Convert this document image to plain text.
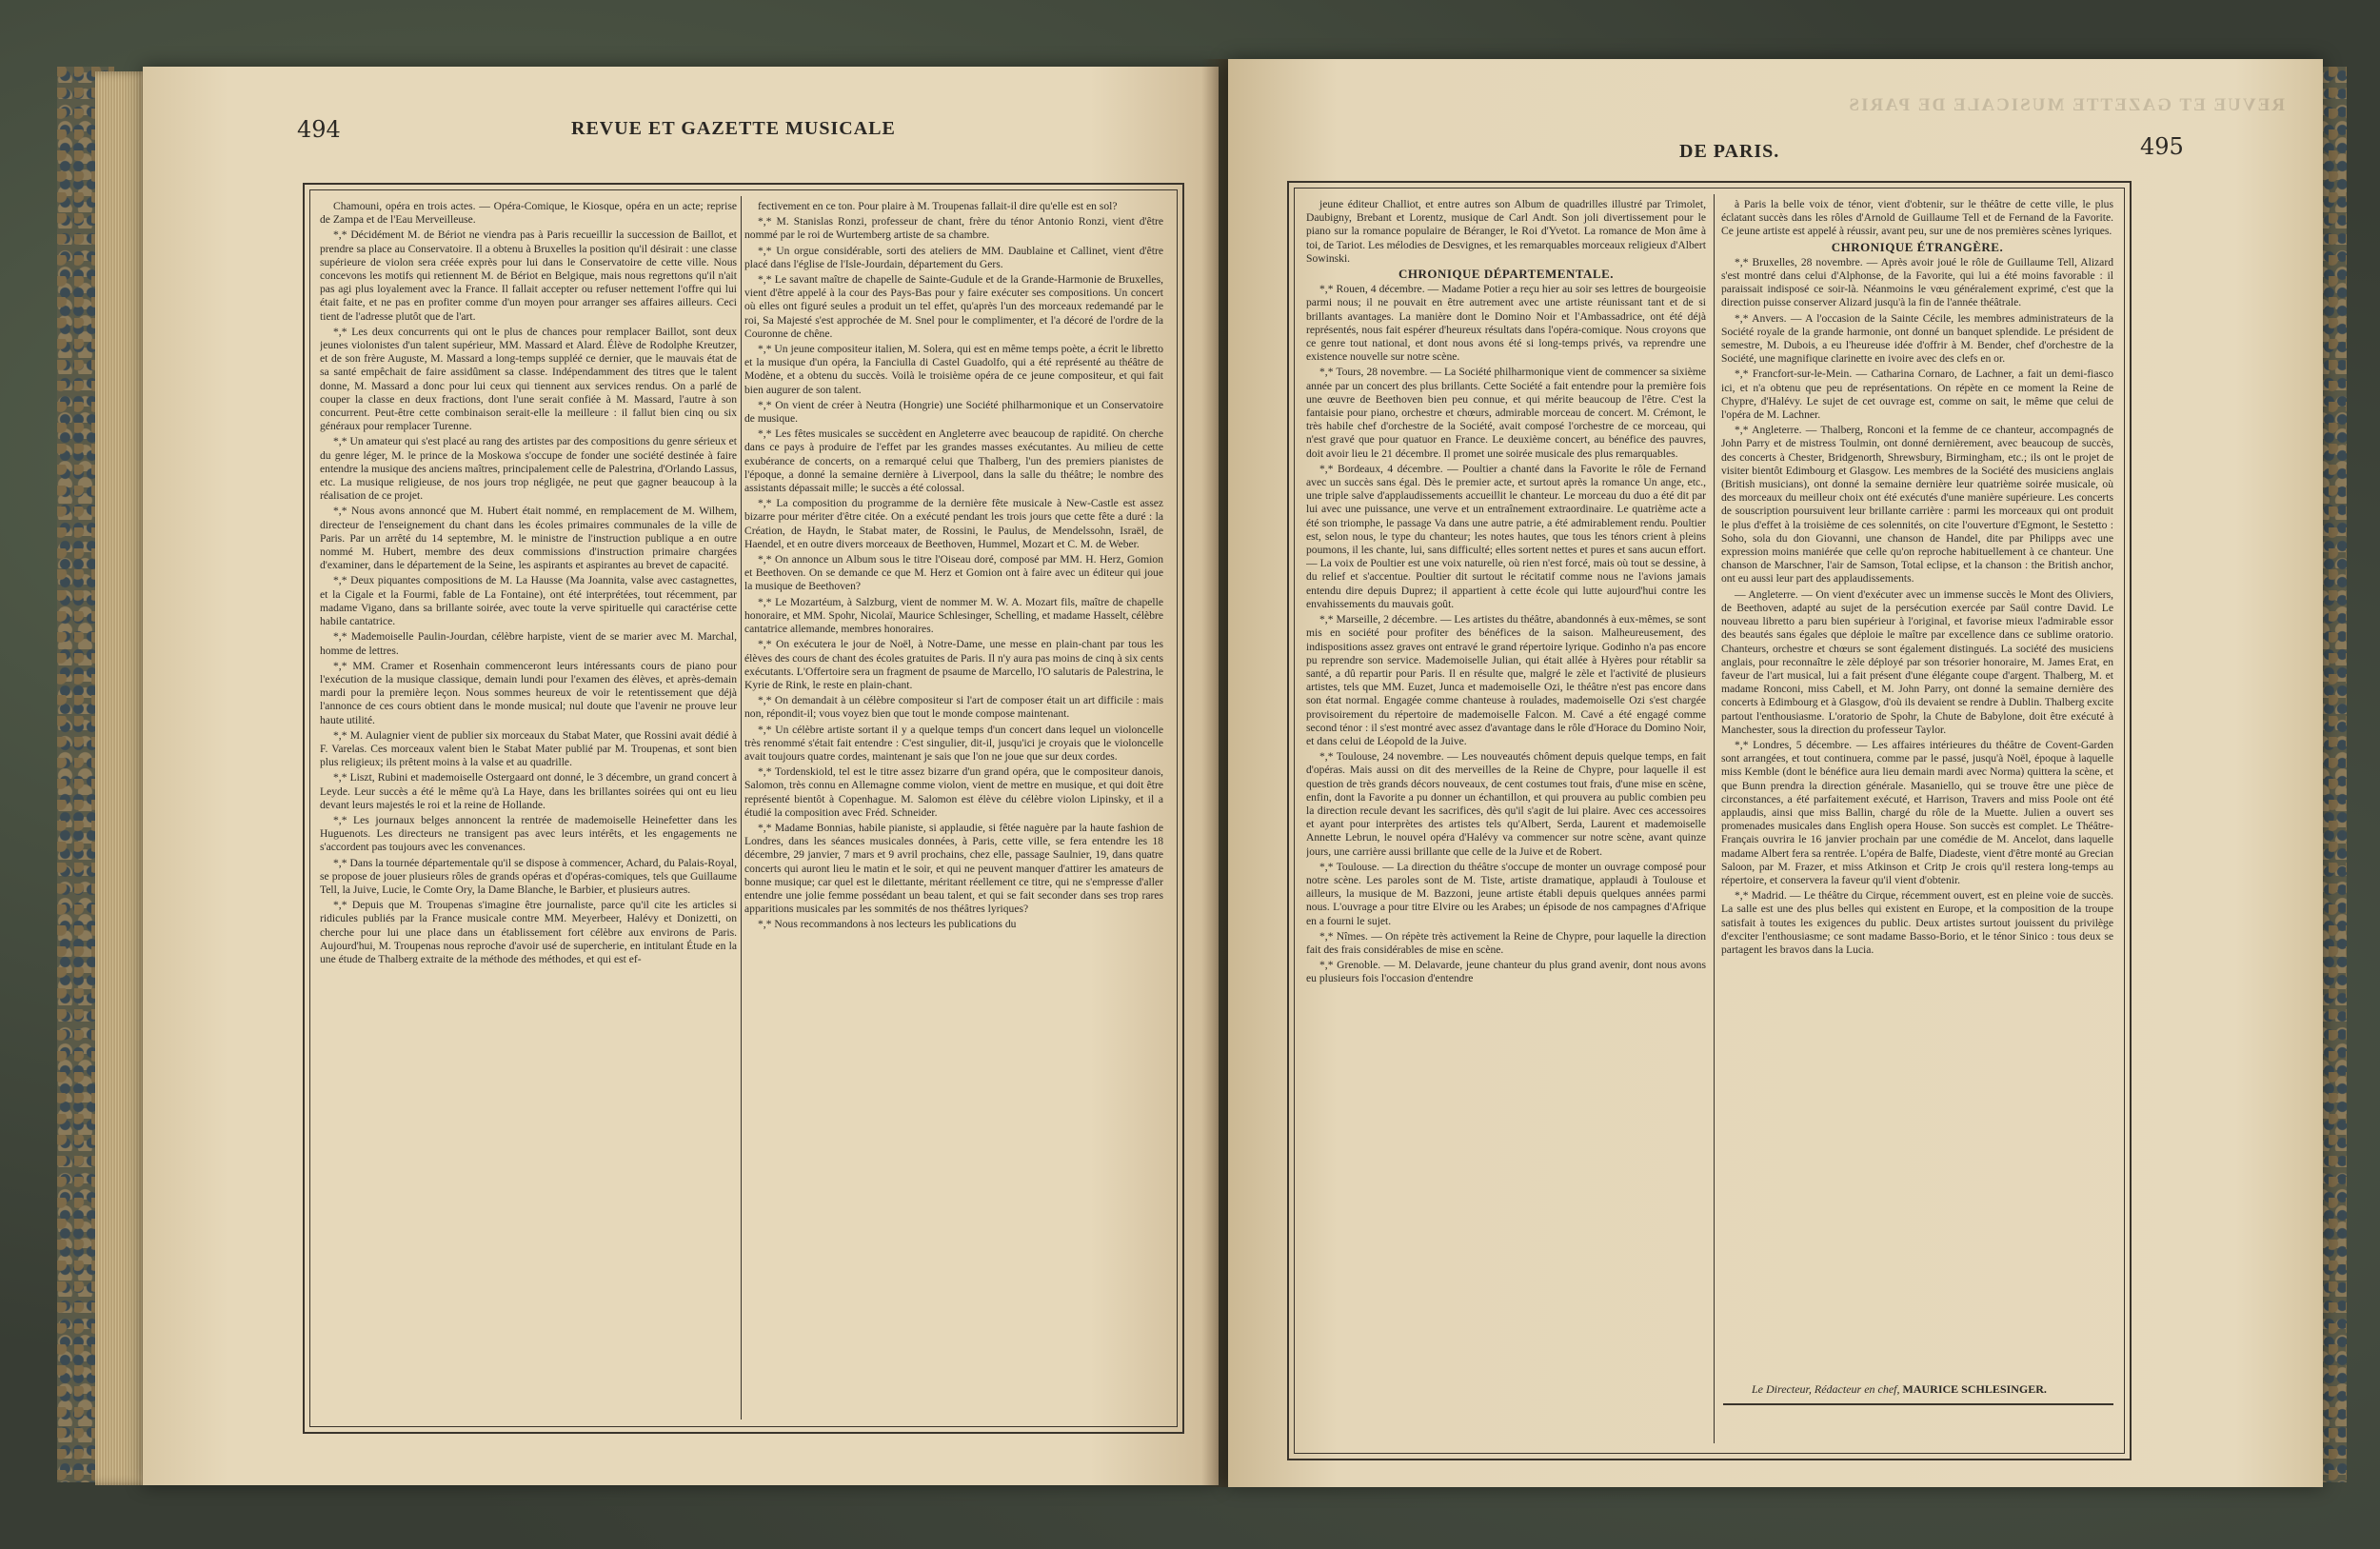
494	REVUE ET GAZETTE MUSICALE

Chamouni, opéra en trois actes. — Opéra-Comique, le Kiosque, opéra en un acte; reprise de Zampa et de l'Eau Merveilleuse.

*,* Décidément M. de Bériot ne viendra pas à Paris recueillir la succession de Baillot, et prendre sa place au Conservatoire. Il a obtenu à Bruxelles la position qu'il désirait : une classe supérieure de violon sera créée exprès pour lui dans le Conservatoire de cette ville. Nous concevons les motifs qui retiennent M. de Bériot en Belgique, mais nous regrettons qu'il n'ait pas agi plus loyalement avec la France. Il fallait accepter ou refuser nettement l'offre qui lui était faite, et ne pas en profiter comme d'un moyen pour arranger ses affaires ailleurs. Ceci tient de l'adresse plutôt que de l'art.

*,* Les deux concurrents qui ont le plus de chances pour remplacer Baillot, sont deux jeunes violonistes d'un talent supérieur, MM. Massard et Alard. Élève de Rodolphe Kreutzer, et de son frère Auguste, M. Massard a long-temps suppléé ce dernier, que le mauvais état de sa santé empêchait de faire assidûment sa classe. Indépendamment des titres que le talent donne, M. Massard a donc pour lui ceux qui tiennent aux services rendus. On a parlé de couper la classe en deux fractions, dont l'une serait confiée à M. Massard, l'autre à son concurrent. Peut-être cette combinaison serait-elle la meilleure : il fallut bien cinq ou six généraux pour remplacer Turenne.

*,* Un amateur qui s'est placé au rang des artistes par des compositions du genre sérieux et du genre léger, M. le prince de la Moskowa s'occupe de fonder une société destinée à faire entendre la musique des anciens maîtres, principalement celle de Palestrina, d'Orlando Lassus, etc. La musique religieuse, de nos jours trop négligée, ne peut que gagner beaucoup à la réalisation de ce projet.

*,* Nous avons annoncé que M. Hubert était nommé, en remplacement de M. Wilhem, directeur de l'enseignement du chant dans les écoles primaires communales de la ville de Paris. Par un arrêté du 14 septembre, M. le ministre de l'instruction publique a en outre nommé M. Hubert, membre des deux commissions d'instruction primaire chargées d'examiner, dans le département de la Seine, les aspirants et aspirantes au brevet de capacité.

*,* Deux piquantes compositions de M. La Hausse (Ma Joannita, valse avec castagnettes, et la Cigale et la Fourmi, fable de La Fontaine), ont été interprétées, tout récemment, par madame Vigano, dans sa brillante soirée, avec toute la verve spirituelle qui caractérise cette habile cantatrice.

*,* Mademoiselle Paulin-Jourdan, célèbre harpiste, vient de se marier avec M. Marchal, homme de lettres.

*,* MM. Cramer et Rosenhain commenceront leurs intéressants cours de piano pour l'exécution de la musique classique, demain lundi pour l'examen des élèves, et après-demain mardi pour la première leçon. Nous sommes heureux de voir le retentissement que déjà l'annonce de ces cours obtient dans le monde musical; nul doute que l'avenir ne prouve leur haute utilité.

*,* M. Aulagnier vient de publier six morceaux du Stabat Mater, que Rossini avait dédié à F. Varelas. Ces morceaux valent bien le Stabat Mater publié par M. Troupenas, et sont bien plus religieux; ils prêtent moins à la valse et au quadrille.

*,* Liszt, Rubini et mademoiselle Ostergaard ont donné, le 3 décembre, un grand concert à Leyde. Leur succès a été le même qu'à La Haye, dans les brillantes soirées qui ont eu lieu devant leurs majestés le roi et la reine de Hollande.

*,* Les journaux belges annoncent la rentrée de mademoiselle Heinefetter dans les Huguenots. Les directeurs ne transigent pas avec leurs intérêts, et les engagements ne s'accordent pas toujours avec les convenances.

*,* Dans la tournée départementale qu'il se dispose à commencer, Achard, du Palais-Royal, se propose de jouer plusieurs rôles de grands opéras et d'opéras-comiques, tels que Guillaume Tell, la Juive, Lucie, le Comte Ory, la Dame Blanche, le Barbier, et plusieurs autres.

*,* Depuis que M. Troupenas s'imagine être journaliste, parce qu'il cite les articles si ridicules publiés par la France musicale contre MM. Meyerbeer, Halévy et Donizetti, on cherche pour lui une place dans un établissement fort célèbre aux environs de Paris. Aujourd'hui, M. Troupenas nous reproche d'avoir usé de supercherie, en intitulant Étude en la une étude de Thalberg extraite de la méthode des méthodes, et qui est ef-

fectivement en ce ton. Pour plaire à M. Troupenas fallait-il dire qu'elle est en sol?

*,* M. Stanislas Ronzi, professeur de chant, frère du ténor Antonio Ronzi, vient d'être nommé par le roi de Wurtemberg artiste de sa chambre.

*,* Un orgue considérable, sorti des ateliers de MM. Daublaine et Callinet, vient d'être placé dans l'église de l'Isle-Jourdain, département du Gers.

*,* Le savant maître de chapelle de Sainte-Gudule et de la Grande-Harmonie de Bruxelles, vient d'être appelé à la cour des Pays-Bas pour y faire exécuter ses compositions. Un concert où elles ont figuré seules a produit un tel effet, qu'après l'un des morceaux redemandé par le roi, Sa Majesté s'est approchée de M. Snel pour le complimenter, et l'a décoré de l'ordre de la Couronne de chêne.

*,* Un jeune compositeur italien, M. Solera, qui est en même temps poète, a écrit le libretto et la musique d'un opéra, la Fanciulla di Castel Guadolfo, qui a été représenté au théâtre de Modène, et a obtenu du succès. Voilà le troisième opéra de ce jeune compositeur, et qui fait bien augurer de son talent.

*,* On vient de créer à Neutra (Hongrie) une Société philharmonique et un Conservatoire de musique.

*,* Les fêtes musicales se succèdent en Angleterre avec beaucoup de rapidité. On cherche dans ce pays à produire de l'effet par les grandes masses exécutantes. Au milieu de cette exubérance de concerts, on a remarqué celui que Thalberg, l'un des premiers pianistes de l'époque, a donné la semaine dernière à Liverpool, dans la salle du théâtre; le nombre des assistants dépassait mille; le succès a été colossal.

*,* La composition du programme de la dernière fête musicale à New-Castle est assez bizarre pour mériter d'être citée. On a exécuté pendant les trois jours que cette fête a duré : la Création, de Haydn, le Stabat mater, de Rossini, le Paulus, de Mendelssohn, Israël, de Haendel, et en outre divers morceaux de Beethoven, Hummel, Mozart et C. M. de Weber.

*,* On annonce un Album sous le titre l'Oiseau doré, composé par MM. H. Herz, Gomion et Beethoven. On se demande ce que M. Herz et Gomion ont à faire avec un éditeur qui joue la musique de Beethoven?

*,* Le Mozartéum, à Salzburg, vient de nommer M. W. A. Mozart fils, maître de chapelle honoraire, et MM. Spohr, Nicolaï, Maurice Schlesinger, Schelling, et madame Hasselt, célèbre cantatrice allemande, membres honoraires.

*,* On exécutera le jour de Noël, à Notre-Dame, une messe en plain-chant par tous les élèves des cours de chant des écoles gratuites de Paris. Il n'y aura pas moins de cinq à six cents exécutants. L'Offertoire sera un fragment de psaume de Marcello, l'O salutaris de Palestrina, le Kyrie de Rink, le reste en plain-chant.

*,* On demandait à un célèbre compositeur si l'art de composer était un art difficile : mais non, répondit-il; vous voyez bien que tout le monde compose maintenant.

*,* Un célèbre artiste sortant il y a quelque temps d'un concert dans lequel un violoncelle très renommé s'était fait entendre : C'est singulier, dit-il, jusqu'ici je croyais que le violoncelle avait toujours quatre cordes, maintenant je sais que l'on ne joue que sur deux cordes.

*,* Tordenskiold, tel est le titre assez bizarre d'un grand opéra, que le compositeur danois, Salomon, très connu en Allemagne comme violon, vient de mettre en musique, et qui doit être représenté bientôt à Copenhague. M. Salomon est élève du célèbre violon Lipinsky, et il a étudié la composition avec Fréd. Schneider.

*,* Madame Bonnias, habile pianiste, si applaudie, si fêtée naguère par la haute fashion de Londres, dans les séances musicales données, à Paris, cette ville, se fera entendre les 18 décembre, 29 janvier, 7 mars et 9 avril prochains, chez elle, passage Saulnier, 19, dans quatre concerts qui auront lieu le matin et le soir, et qui ne peuvent manquer d'attirer les amateurs de bonne musique; car quel est le dilettante, méritant réellement ce titre, qui ne s'empresse d'aller entendre une jolie femme possédant un beau talent, et qui se fait seconder dans ses trop rares apparitions musicales par les sommités de nos théâtres lyriques?

*,* Nous recommandons à nos lecteurs les publications du

REVUE ET GAZETTE MUSICALE DE PARIS
DE PARIS.	495

jeune éditeur Challiot, et entre autres son Album de quadrilles illustré par Trimolet, Daubigny, Brebant et Lorentz, musique de Carl Andt. Son joli divertissement pour le piano sur la romance populaire de Béranger, le Roi d'Yvetot. La romance de Mon âme à toi, de Tariot. Les mélodies de Desvignes, et les remarquables morceaux religieux d'Albert Sowinski.

CHRONIQUE DÉPARTEMENTALE.

*,* Rouen, 4 décembre. — Madame Potier a reçu hier au soir ses lettres de bourgeoisie parmi nous; il ne pouvait en être autrement avec une artiste réunissant tant et de si brillants avantages. La manière dont le Domino Noir et l'Ambassadrice, ont été déjà représentés, nous fait espérer d'heureux résultats dans l'opéra-comique. Nous croyons que ce genre tout national, et dont nous avons été si long-temps privés, va reprendre une existence nouvelle sur notre scène.

*,* Tours, 28 novembre. — La Société philharmonique vient de commencer sa sixième année par un concert des plus brillants. Cette Société a fait entendre pour la première fois une œuvre de Beethoven bien peu connue, et qui mérite beaucoup de l'être. C'est la fantaisie pour piano, orchestre et chœurs, admirable morceau de concert. M. Crémont, le très habile chef d'orchestre de la Société, avait composé l'orchestre de ce morceau, qui n'est gravé que pour quatuor en France. Le deuxième concert, au bénéfice des pauvres, doit avoir lieu le 21 décembre. Il promet une soirée musicale des plus remarquables.

*,* Bordeaux, 4 décembre. — Poultier a chanté dans la Favorite le rôle de Fernand avec un succès sans égal. Dès le premier acte, et surtout après la romance Un ange, etc., une triple salve d'applaudissements accueillit le chanteur. Le morceau du duo a été dit par lui avec une puissance, une verve et un entraînement extraordinaire. Le quatrième acte a été son triomphe, le passage Va dans une autre patrie, a été admirablement rendu. Poultier est, selon nous, le type du chanteur; les notes hautes, que tous les ténors crient à pleins poumons, il les chante, lui, sans difficulté; elles sortent nettes et pures et sans aucun effort. — La voix de Poultier est une voix naturelle, où rien n'est forcé, mais où tout se dessine, à du relief et s'accentue. Poultier dit surtout le récitatif comme nous ne l'avions jamais entendu dire depuis Duprez; il appartient à cette école qui lutte aujourd'hui contre les envahissements du mauvais goût.

*,* Marseille, 2 décembre. — Les artistes du théâtre, abandonnés à eux-mêmes, se sont mis en société pour profiter des bénéfices de la saison. Malheureusement, des indispositions assez graves ont entravé le grand répertoire lyrique. Godinho n'a pas encore pu reprendre son service. Mademoiselle Julian, qui était allée à Hyères pour rétablir sa santé, a dû repartir pour Paris. Il en résulte que, malgré le zèle et l'activité de plusieurs artistes, tels que MM. Euzet, Junca et mademoiselle Ozi, le théâtre n'est pas encore dans son état normal. Engagée comme chanteuse à roulades, mademoiselle Ozi s'est chargée provisoirement du répertoire de mademoiselle Falcon. M. Cavé a été engagé comme second ténor : il s'est montré avec assez d'avantage dans le rôle d'Horace du Domino Noir, et dans celui de Léopold de la Juive.

*,* Toulouse, 24 novembre. — Les nouveautés chôment depuis quelque temps, en fait d'opéras. Mais aussi on dit des merveilles de la Reine de Chypre, pour laquelle il est question de très grands décors nouveaux, de cent costumes tout frais, d'une mise en scène, enfin, dont la Favorite a pu donner un échantillon, et qui prouvera au public combien peu la direction recule devant les sacrifices, dès qu'il s'agit de lui plaire. Avec ces accessoires et ayant pour interprètes des artistes tels qu'Albert, Serda, Laurent et mademoiselle Annette Lebrun, le nouvel opéra d'Halévy va commencer sur notre scène, avant quinze jours, une carrière aussi brillante que celle de la Juive et de Robert.

*,* Toulouse. — La direction du théâtre s'occupe de monter un ouvrage composé pour notre scène. Les paroles sont de M. Tiste, artiste dramatique, applaudi à Toulouse et ailleurs, la musique de M. Bazzoni, jeune artiste établi depuis quelques années parmi nous. L'ouvrage a pour titre Elvire ou les Arabes; un épisode de nos campagnes d'Afrique en a fourni le sujet.

*,* Nîmes. — On répète très activement la Reine de Chypre, pour laquelle la direction fait des frais considérables de mise en scène.

*,* Grenoble. — M. Delavarde, jeune chanteur du plus grand avenir, dont nous avons eu plusieurs fois l'occasion d'entendre

à Paris la belle voix de ténor, vient d'obtenir, sur le théâtre de cette ville, le plus éclatant succès dans les rôles d'Arnold de Guillaume Tell et de Fernand de la Favorite. Ce jeune artiste est appelé à réussir, avant peu, sur une de nos premières scènes lyriques.

CHRONIQUE ÉTRANGÈRE.

*,* Bruxelles, 28 novembre. — Après avoir joué le rôle de Guillaume Tell, Alizard s'est montré dans celui d'Alphonse, de la Favorite, qui lui a été moins favorable : il paraissait indisposé ce soir-là. Néanmoins le vœu généralement exprimé, c'est que la direction puisse conserver Alizard jusqu'à la fin de l'année théâtrale.

*,* Anvers. — A l'occasion de la Sainte Cécile, les membres administrateurs de la Société royale de la grande harmonie, ont donné un banquet splendide. Le président de semestre, M. Dubois, a eu l'heureuse idée d'offrir à M. Bender, chef d'orchestre de la Société, une magnifique clarinette en ivoire avec des clefs en or.

*,* Francfort-sur-le-Mein. — Catharina Cornaro, de Lachner, a fait un demi-fiasco ici, et n'a obtenu que peu de représentations. On répète en ce moment la Reine de Chypre, d'Halévy. Le sujet de cet ouvrage est, comme on sait, le même que celui de l'opéra de M. Lachner.

*,* Angleterre. — Thalberg, Ronconi et la femme de ce chanteur, accompagnés de John Parry et de mistress Toulmin, ont donné dernièrement, avec beaucoup de succès, des concerts à Chester, Bridgenorth, Shrewsbury, Birmingham, etc.; ils ont le projet de visiter bientôt Edimbourg et Glasgow. Les membres de la Société des musiciens anglais (British musicians), ont donné la semaine dernière leur quatrième soirée musicale, où des morceaux du meilleur choix ont été exécutés d'une manière supérieure. Les concerts de souscription poursuivent leur brillante carrière : parmi les morceaux qui ont produit le plus d'effet à la troisième de ces solennités, on cite l'ouverture d'Egmont, le Sestetto : Soho, sola du don Giovanni, une chanson de Handel, dite par Philipps avec une expression moins maniérée que celle qu'on reproche habituellement à ce chanteur. Une chanson de Marschner, l'air de Samson, Total eclipse, et la chanson : the British anchor, ont eu aussi leur part des applaudissements.

— Angleterre. — On vient d'exécuter avec un immense succès le Mont des Oliviers, de Beethoven, adapté au sujet de la persécution exercée par Saül contre David. Le nouveau libretto a paru bien supérieur à l'original, et favorise mieux l'admirable essor des beautés sans égales que déploie le maître par excellence dans ce sublime oratorio. Chanteurs, orchestre et chœurs se sont également distingués. La société des musiciens anglais, pour reconnaître le zèle déployé par son trésorier honoraire, M. James Erat, en faveur de l'art musical, lui a fait présent d'une élégante coupe d'argent. Thalberg, M. et madame Ronconi, miss Cabell, et M. John Parry, ont donné la semaine dernière des concerts à Edimbourg et à Glasgow, d'où ils devaient se rendre à Dublin. Thalberg excite partout l'enthousiasme. L'oratorio de Spohr, la Chute de Babylone, doit être exécuté à Manchester, sous la direction du professeur Taylor.

*,* Londres, 5 décembre. — Les affaires intérieures du théâtre de Covent-Garden sont arrangées, et tout continuera, comme par le passé, jusqu'à Noël, époque à laquelle miss Kemble (dont le bénéfice aura lieu demain mardi avec Norma) quittera la scène, et que Bunn prendra la direction générale. Masaniello, qui se trouve être une pièce de circonstances, a été parfaitement exécuté, et Harrison, Travers and miss Poole ont été applaudis, ainsi que miss Ballin, chargé du rôle de la Muette. Julien a ouvert ses promenades musicales dans English opera House. Son succès est complet. Le Théâtre-Français ouvrira le 16 janvier prochain par une comédie de M. Ancelot, dans laquelle madame Albert fera sa rentrée. L'opéra de Balfe, Diadeste, vient d'être monté au Grecian Saloon, par M. Frazer, et miss Atkinson et Critp Je crois qu'il restera long-temps au répertoire, et conservera la faveur qu'il vient d'obtenir.

*,* Madrid. — Le théâtre du Cirque, récemment ouvert, est en pleine voie de succès. La salle est une des plus belles qui existent en Europe, et la composition de la troupe satisfait à toutes les exigences du public. Deux artistes surtout jouissent du privilège d'exciter l'enthousiasme; ce sont madame Basso-Borio, et le ténor Sinico : tous deux se partagent les bravos dans la Lucia.

Le Directeur, Rédacteur en chef, MAURICE SCHLESINGER.
